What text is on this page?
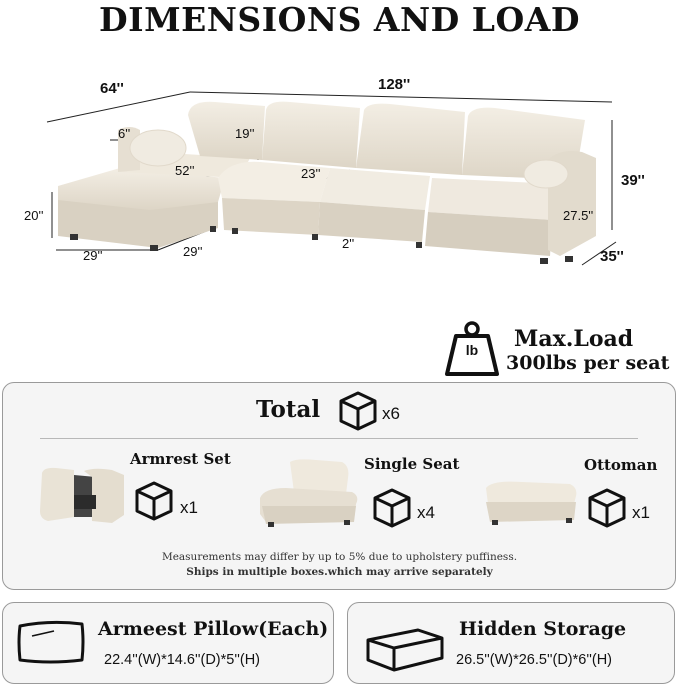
DIMENSIONS AND LOAD
64''	128''
6''	19''
52''	23''
20''
29''	29''
2''
27.5''
39''
35''
lb	Max.Load
300lbs per seat
Total	x6
Armrest Set
x1
Single Seat
x4
Ottoman
x1
Measurements may differ by up to 5% due to upholstery puffiness.
Ships in multiple boxes.which may arrive separately
Armeest Pillow(Each)
22.4''(W)*14.6''(D)*5''(H)
Hidden Storage
26.5''(W)*26.5''(D)*6''(H)
